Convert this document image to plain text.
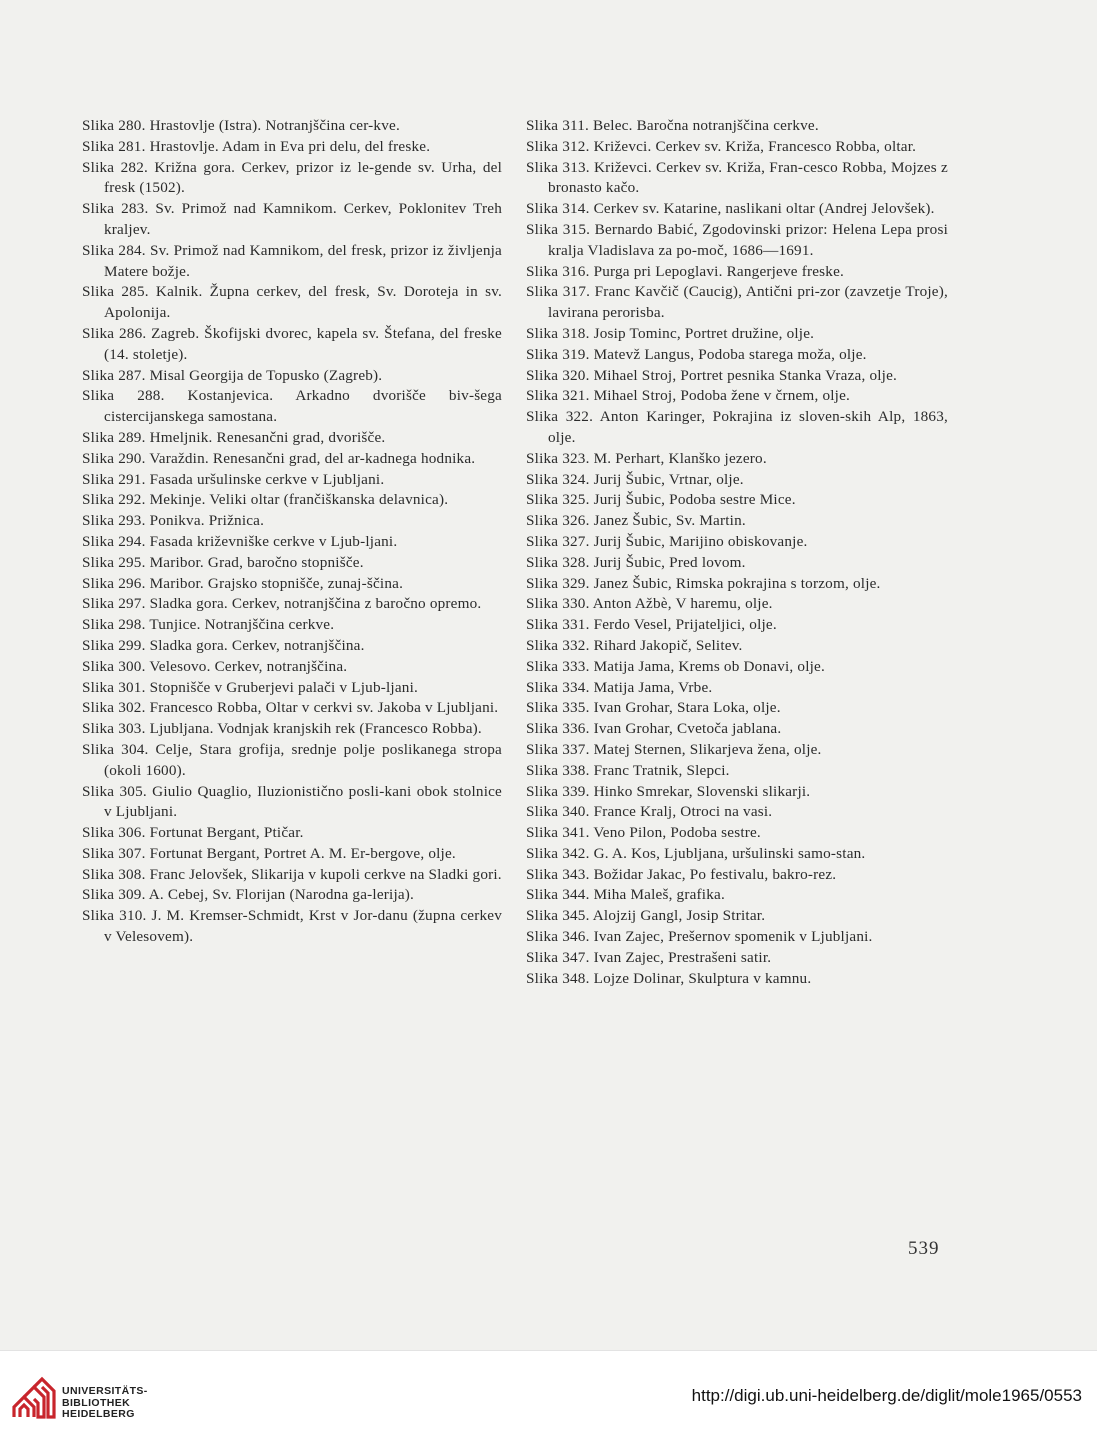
Slika 280. Hrastovlje (Istra). Notranjščina cer-kve.

Slika 281. Hrastovlje. Adam in Eva pri delu, del freske.

Slika 282. Križna gora. Cerkev, prizor iz le-gende sv. Urha, del fresk (1502).

Slika 283. Sv. Primož nad Kamnikom. Cerkev, Poklonitev Treh kraljev.

Slika 284. Sv. Primož nad Kamnikom, del fresk, prizor iz življenja Matere božje.

Slika 285. Kalnik. Župna cerkev, del fresk, Sv. Doroteja in sv. Apolonija.

Slika 286. Zagreb. Škofijski dvorec, kapela sv. Štefana, del freske (14. stoletje).

Slika 287. Misal Georgija de Topusko (Zagreb).

Slika 288. Kostanjevica. Arkadno dvorišče biv-šega cistercijanskega samostana.

Slika 289. Hmeljnik. Renesančni grad, dvorišče.

Slika 290. Varaždin. Renesančni grad, del ar-kadnega hodnika.

Slika 291. Fasada uršulinske cerkve v Ljubljani.

Slika 292. Mekinje. Veliki oltar (frančiškanska delavnica).

Slika 293. Ponikva. Prižnica.

Slika 294. Fasada križevniške cerkve v Ljub-ljani.

Slika 295. Maribor. Grad, baročno stopnišče.

Slika 296. Maribor. Grajsko stopnišče, zunaj-ščina.

Slika 297. Sladka gora. Cerkev, notranjščina z baročno opremo.

Slika 298. Tunjice. Notranjščina cerkve.

Slika 299. Sladka gora. Cerkev, notranjščina.

Slika 300. Velesovo. Cerkev, notranjščina.

Slika 301. Stopnišče v Gruberjevi palači v Ljub-ljani.

Slika 302. Francesco Robba, Oltar v cerkvi sv. Jakoba v Ljubljani.

Slika 303. Ljubljana. Vodnjak kranjskih rek (Francesco Robba).

Slika 304. Celje, Stara grofija, srednje polje poslikanega stropa (okoli 1600).

Slika 305. Giulio Quaglio, Iluzionistično posli-kani obok stolnice v Ljubljani.

Slika 306. Fortunat Bergant, Ptičar.

Slika 307. Fortunat Bergant, Portret A. M. Er-bergove, olje.

Slika 308. Franc Jelovšek, Slikarija v kupoli cerkve na Sladki gori.

Slika 309. A. Cebej, Sv. Florijan (Narodna ga-lerija).

Slika 310. J. M. Kremser-Schmidt, Krst v Jor-danu (župna cerkev v Velesovem).

Slika 311. Belec. Baročna notranjščina cerkve.

Slika 312. Križevci. Cerkev sv. Križa, Francesco Robba, oltar.

Slika 313. Križevci. Cerkev sv. Križa, Fran-cesco Robba, Mojzes z bronasto kačo.

Slika 314. Cerkev sv. Katarine, naslikani oltar (Andrej Jelovšek).

Slika 315. Bernardo Babić, Zgodovinski prizor: Helena Lepa prosi kralja Vladislava za po-moč, 1686—1691.

Slika 316. Purga pri Lepoglavi. Rangerjeve freske.

Slika 317. Franc Kavčič (Caucig), Antični pri-zor (zavzetje Troje), lavirana perorisba.

Slika 318. Josip Tominc, Portret družine, olje.

Slika 319. Matevž Langus, Podoba starega moža, olje.

Slika 320. Mihael Stroj, Portret pesnika Stanka Vraza, olje.

Slika 321. Mihael Stroj, Podoba žene v črnem, olje.

Slika 322. Anton Karinger, Pokrajina iz sloven-skih Alp, 1863, olje.

Slika 323. M. Perhart, Klanško jezero.

Slika 324. Jurij Šubic, Vrtnar, olje.

Slika 325. Jurij Šubic, Podoba sestre Mice.

Slika 326. Janez Šubic, Sv. Martin.

Slika 327. Jurij Šubic, Marijino obiskovanje.

Slika 328. Jurij Šubic, Pred lovom.

Slika 329. Janez Šubic, Rimska pokrajina s torzom, olje.

Slika 330. Anton Ažbè, V haremu, olje.

Slika 331. Ferdo Vesel, Prijateljici, olje.

Slika 332. Rihard Jakopič, Selitev.

Slika 333. Matija Jama, Krems ob Donavi, olje.

Slika 334. Matija Jama, Vrbe.

Slika 335. Ivan Grohar, Stara Loka, olje.

Slika 336. Ivan Grohar, Cvetoča jablana.

Slika 337. Matej Sternen, Slikarjeva žena, olje.

Slika 338. Franc Tratnik, Slepci.

Slika 339. Hinko Smrekar, Slovenski slikarji.

Slika 340. France Kralj, Otroci na vasi.

Slika 341. Veno Pilon, Podoba sestre.

Slika 342. G. A. Kos, Ljubljana, uršulinski samo-stan.

Slika 343. Božidar Jakac, Po festivalu, bakro-rez.

Slika 344. Miha Maleš, grafika.

Slika 345. Alojzij Gangl, Josip Stritar.

Slika 346. Ivan Zajec, Prešernov spomenik v Ljubljani.

Slika 347. Ivan Zajec, Prestrašeni satir.

Slika 348. Lojze Dolinar, Skulptura v kamnu.

539
UNIVERSITÄTS-
BIBLIOTHEK
HEIDELBERG
http://digi.ub.uni-heidelberg.de/diglit/mole1965/0553
